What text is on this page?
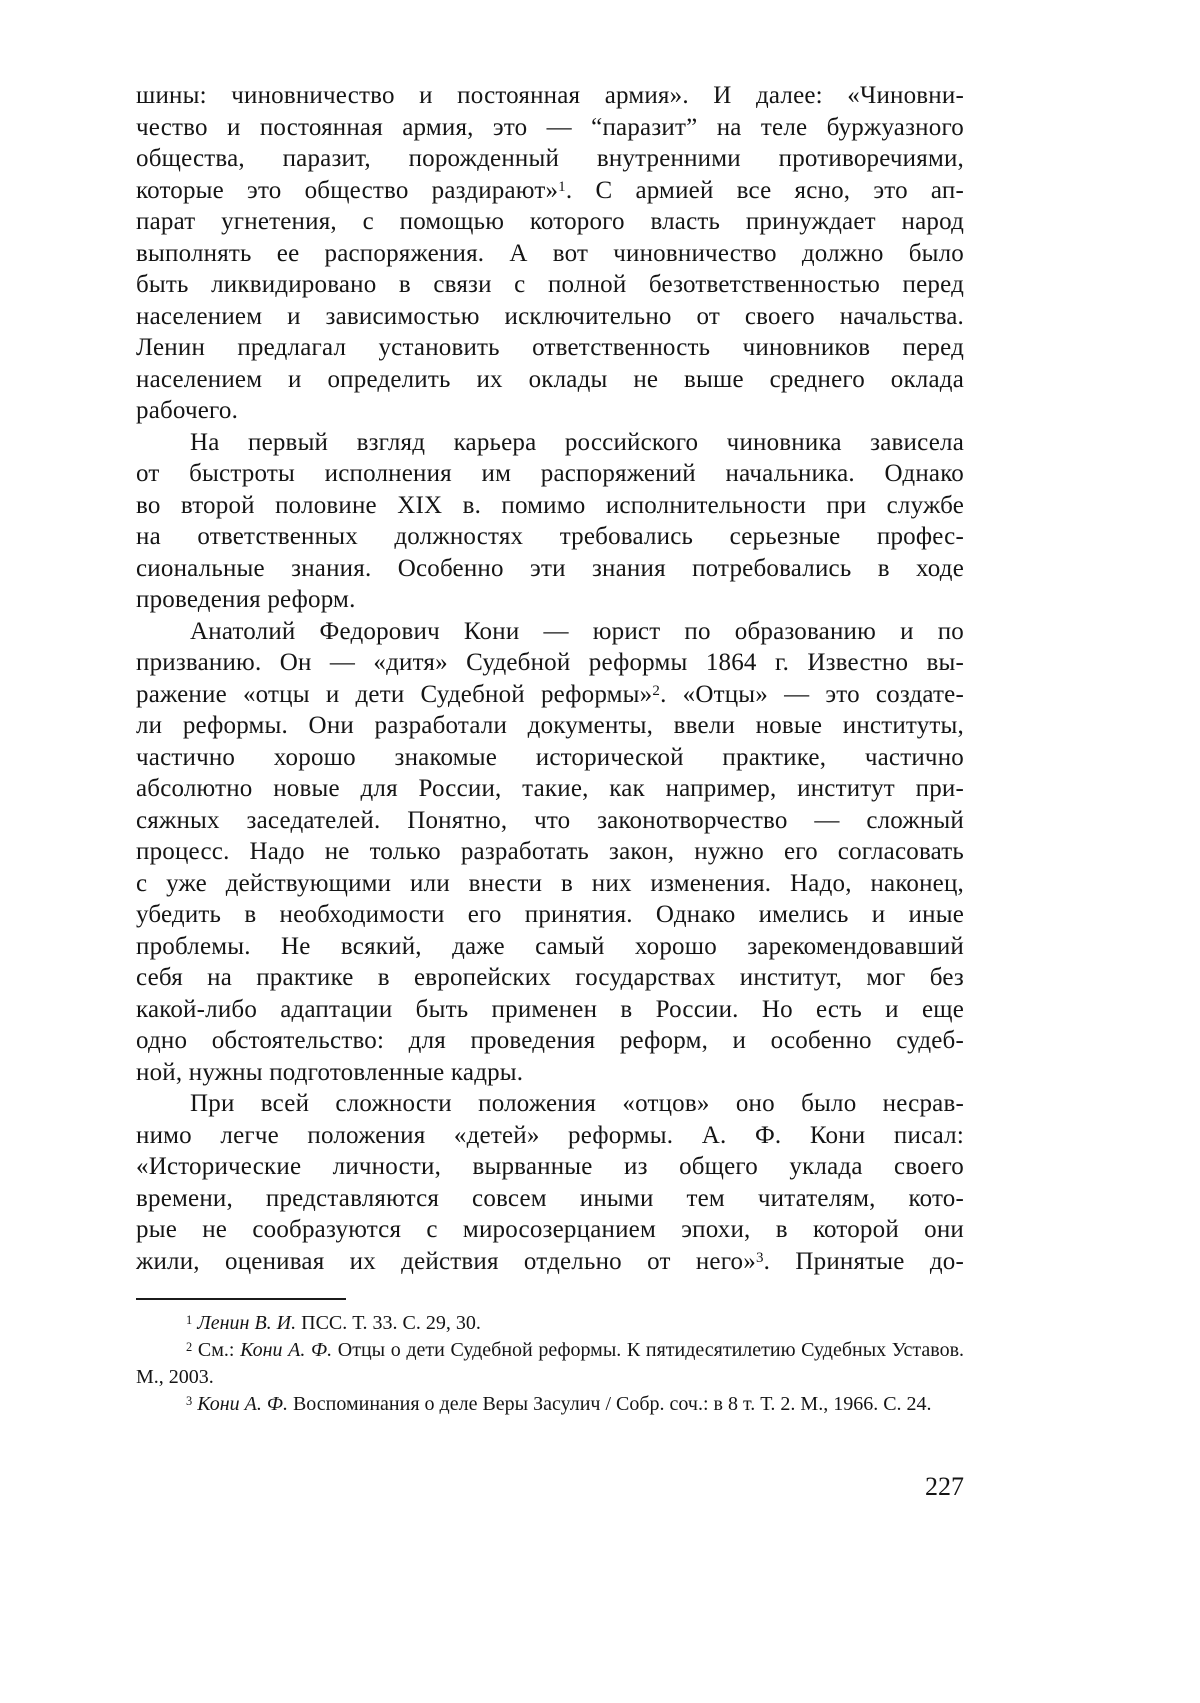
шины: чиновничество и постоянная армия». И далее: «Чиновни-
чество и постоянная армия, это — “паразит” на теле буржуазного
общества, паразит, порожденный внутренними противоречиями,
которые это общество раздирают»$^1$. С армией все ясно, это ап-
парат угнетения, с помощью которого власть принуждает народ
выполнять ее распоряжения. А вот чиновничество должно было
быть ликвидировано в связи с полной безответственностью перед
населением и зависимостью исключительно от своего начальства.
Ленин предлагал установить ответственность чиновников перед
населением и определить их оклады не выше среднего оклада
рабочего.
На первый взгляд карьера российского чиновника зависела
от быстроты исполнения им распоряжений начальника. Однако
во второй половине XIX в. помимо исполнительности при службе
на ответственных должностях требовались серьезные профес-
сиональные знания. Особенно эти знания потребовались в ходе
проведения реформ.
Анатолий Федорович Кони — юрист по образованию и по
призванию. Он — «дитя» Судебной реформы 1864 г. Известно вы-
ражение «отцы и дети Судебной реформы»$^2$. «Отцы» — это создате-
ли реформы. Они разработали документы, ввели новые институты,
частично хорошо знакомые исторической практике, частично
абсолютно новые для России, такие, как например, институт при-
сяжных заседателей. Понятно, что законотворчество — сложный
процесс. Надо не только разработать закон, нужно его согласовать
с уже действующими или внести в них изменения. Надо, наконец,
убедить в необходимости его принятия. Однако имелись и иные
проблемы. Не всякий, даже самый хорошо зарекомендовавший
себя на практике в европейских государствах институт, мог без
какой-либо адаптации быть применен в России. Но есть и еще
одно обстоятельство: для проведения реформ, и особенно судеб-
ной, нужны подготовленные кадры.
При всей сложности положения «отцов» оно было несрав-
нимо легче положения «детей» реформы. А. Ф. Кони писал:
«Исторические личности, вырванные из общего уклада своего
времени, представляются совсем иными тем читателям, кото-
рые не сообразуются с миросозерцанием эпохи, в которой они
жили, оценивая их действия отдельно от него»$^3$. Принятые до-

$^1$ Ленин В. И. ПСС. Т. 33. С. 29, 30.

$^2$ См.: Кони А. Ф. Отцы о дети Судебной реформы. К пятидесятилетию Судебных Уставов. М., 2003.

$^3$ Кони А. Ф. Воспоминания о деле Веры Засулич / Собр. соч.: в 8 т. Т. 2. М., 1966. С. 24.

227
